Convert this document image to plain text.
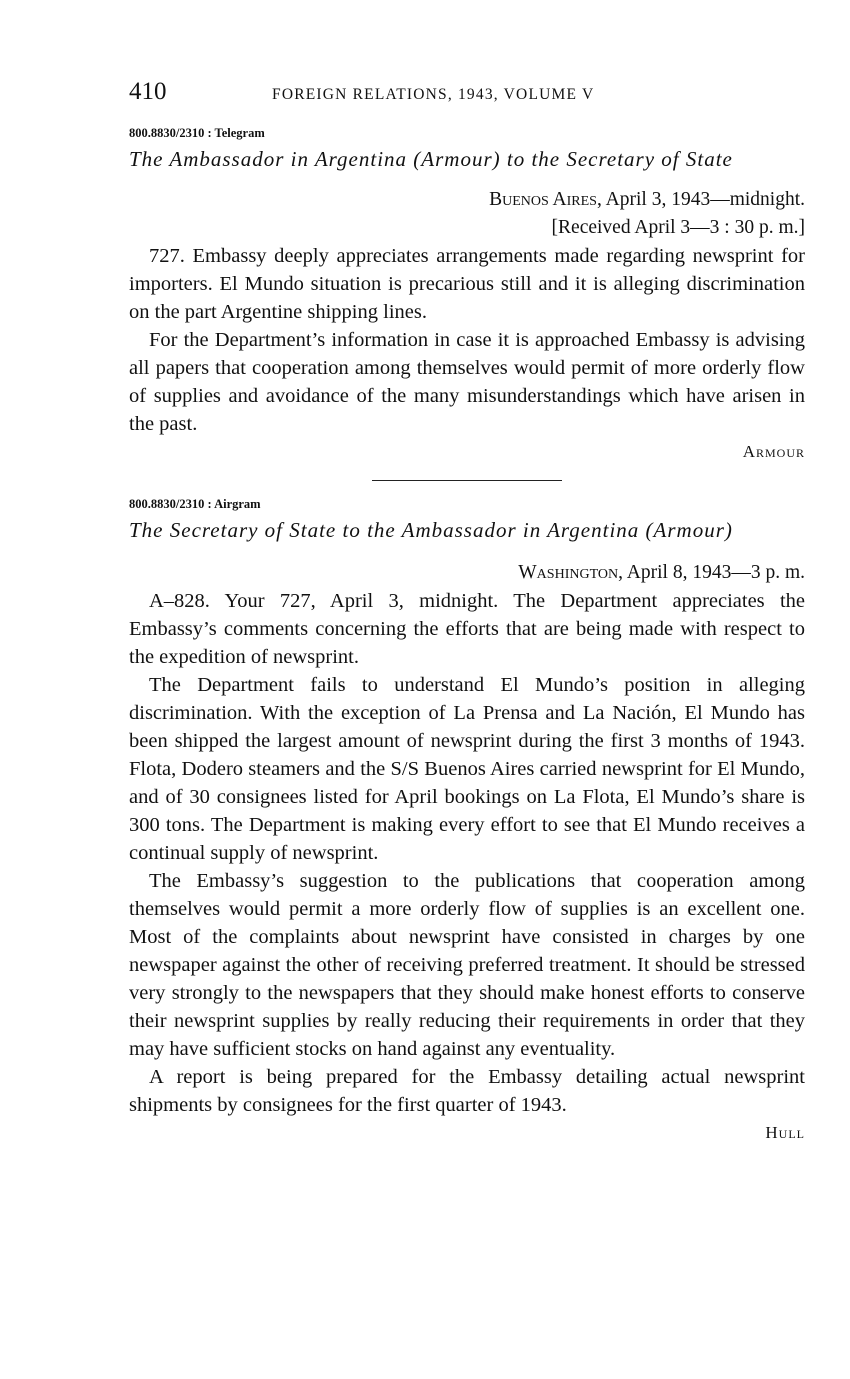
410	FOREIGN RELATIONS, 1943, VOLUME V
800.8830/2310 : Telegram
The Ambassador in Argentina (Armour) to the Secretary of State
Buenos Aires, April 3, 1943—midnight.
[Received April 3—3 : 30 p. m.]

727. Embassy deeply appreciates arrangements made regarding newsprint for importers. El Mundo situation is precarious still and it is alleging discrimination on the part Argentine shipping lines.

For the Department’s information in case it is approached Embassy is advising all papers that cooperation among themselves would permit of more orderly flow of supplies and avoidance of the many misunderstandings which have arisen in the past.

Armour
800.8830/2310 : Airgram
The Secretary of State to the Ambassador in Argentina (Armour)
Washington, April 8, 1943—3 p. m.

A–828. Your 727, April 3, midnight. The Department appreciates the Embassy’s comments concerning the efforts that are being made with respect to the expedition of newsprint.

The Department fails to understand El Mundo’s position in alleging discrimination. With the exception of La Prensa and La Nación, El Mundo has been shipped the largest amount of newsprint during the first 3 months of 1943. Flota, Dodero steamers and the S/S Buenos Aires carried newsprint for El Mundo, and of 30 consignees listed for April bookings on La Flota, El Mundo’s share is 300 tons. The Department is making every effort to see that El Mundo receives a continual supply of newsprint.

The Embassy’s suggestion to the publications that cooperation among themselves would permit a more orderly flow of supplies is an excellent one. Most of the complaints about newsprint have consisted in charges by one newspaper against the other of receiving preferred treatment. It should be stressed very strongly to the newspapers that they should make honest efforts to conserve their newsprint supplies by really reducing their requirements in order that they may have sufficient stocks on hand against any eventuality.

A report is being prepared for the Embassy detailing actual newsprint shipments by consignees for the first quarter of 1943.

Hull
